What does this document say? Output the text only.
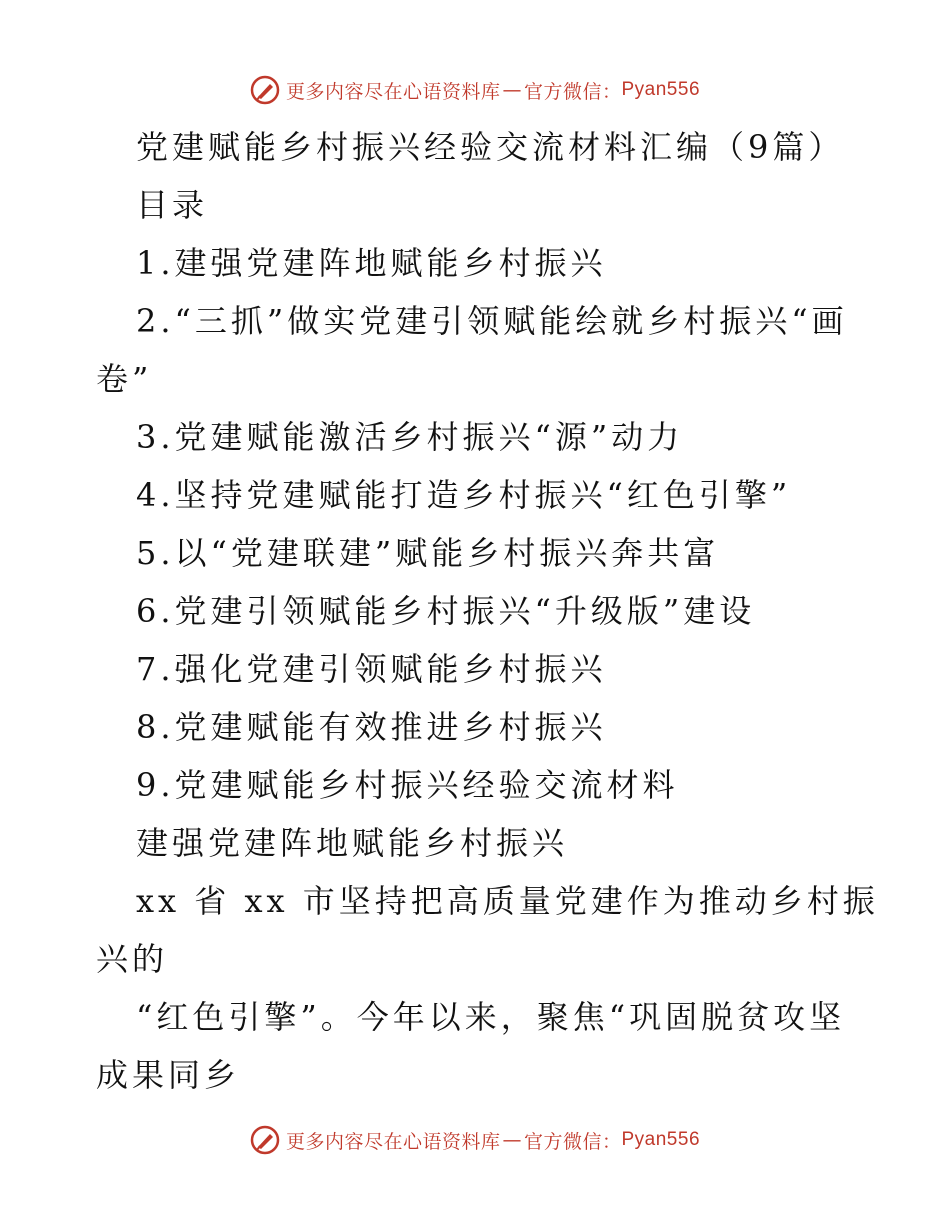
更多内容尽在心语资料库 — 官方微信： Pyan556
党建赋能乡村振兴经验交流材料汇编（9篇）
目录
1.建强党建阵地赋能乡村振兴
2.“三抓”做实党建引领赋能绘就乡村振兴“画
卷”
3.党建赋能激活乡村振兴“源”动力
4.坚持党建赋能打造乡村振兴“红色引擎”
5.以“党建联建”赋能乡村振兴奔共富
6.党建引领赋能乡村振兴“升级版”建设
7.强化党建引领赋能乡村振兴
8.党建赋能有效推进乡村振兴
9.党建赋能乡村振兴经验交流材料
建强党建阵地赋能乡村振兴
xx 省 xx 市坚持把高质量党建作为推动乡村振
兴的
“红色引擎”。今年以来，聚焦“巩固脱贫攻坚
成果同乡
更多内容尽在心语资料库 — 官方微信： Pyan556
